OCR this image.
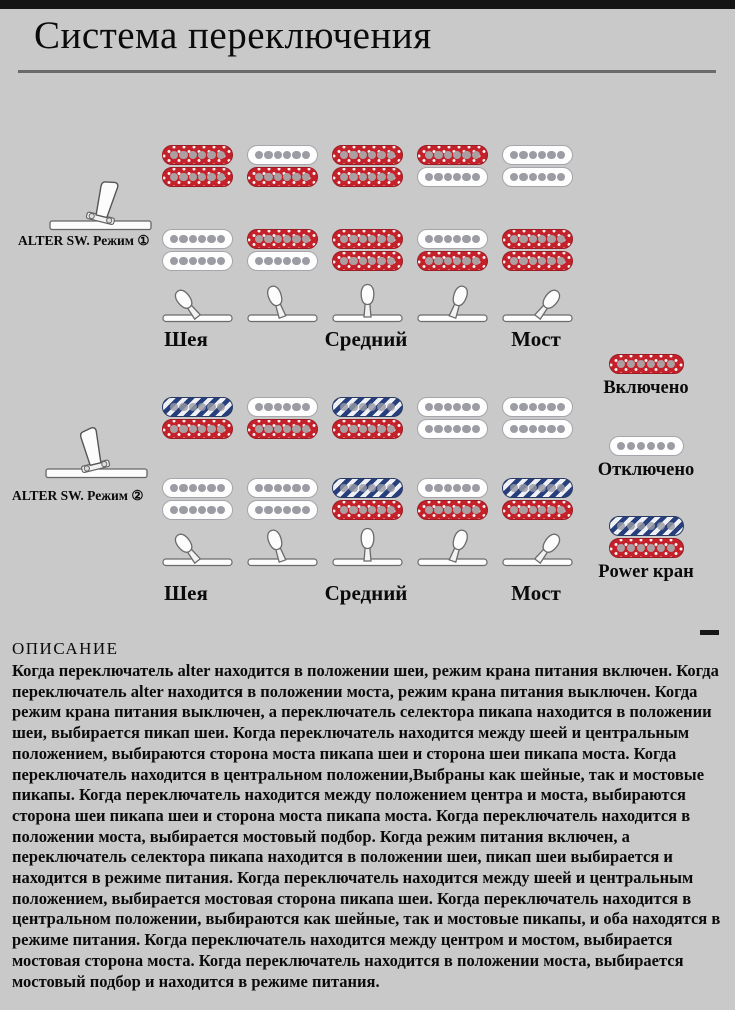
Система переключения
ALTER SW. Режим ①
Шея	Средний	Мост
ALTER SW. Режим ②
Шея	Средний	Мост
Включено
Отключено
Power кран
ОПИСАНИЕ

Когда переключатель alter находится в положении шеи, режим крана питания включен. Когда переключатель alter находится в положении моста, режим крана питания выключен. Когда режим крана питания выключен, а переключатель селектора пикапа находится в положении шеи, выбирается пикап шеи. Когда переключатель находится между шеей и центральным положением, выбираются сторона моста пикапа шеи и сторона шеи пикапа моста. Когда переключатель находится в центральном положении,Выбраны как шейные, так и мостовые пикапы. Когда переключатель находится между положением центра и моста, выбираются сторона шеи пикапа шеи и сторона моста пикапа моста. Когда переключатель находится в положении моста, выбирается мостовый подбор. Когда режим питания включен, а переключатель селектора пикапа находится в положении шеи, пикап шеи выбирается и находится в режиме питания. Когда переключатель находится между шеей и центральным положением, выбирается мостовая сторона пикапа шеи. Когда переключатель находится в центральном положении, выбираются как шейные, так и мостовые пикапы, и оба находятся в режиме питания. Когда переключатель находится между центром и мостом, выбирается мостовая сторона моста. Когда переключатель находится в положении моста, выбирается мостовый подбор и находится в режиме питания.
